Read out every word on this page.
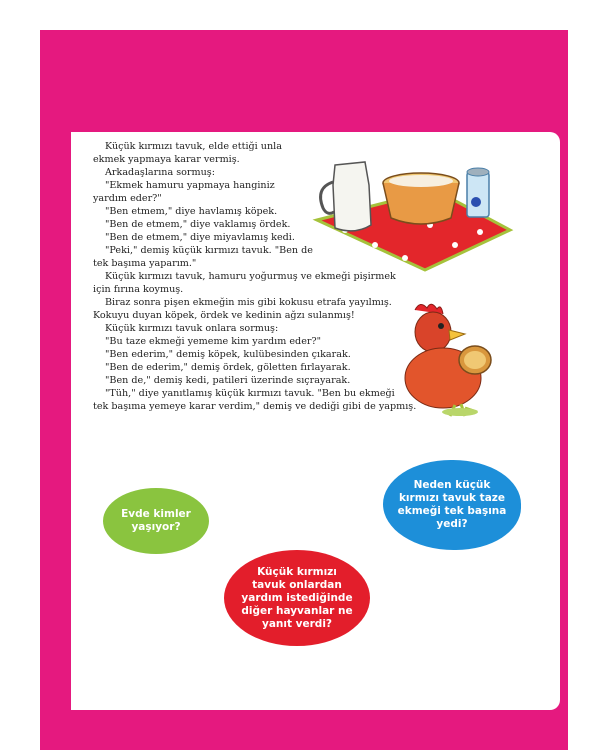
Küçük kırmızı tavuk, elde ettiği unla

ekmek yapmaya karar vermiş.

Arkadaşlarına sormuş:

"Ekmek hamuru yapmaya hanginiz

yardım eder?"

"Ben etmem," diye havlamış köpek.

"Ben de etmem," diye vaklamış ördek.

"Ben de etmem," diye miyavlamış kedi.

"Peki," demiş küçük kırmızı tavuk. "Ben de

tek başıma yaparım."

Küçük kırmızı tavuk, hamuru yoğurmuş ve ekmeği pişirmek

için fırına koymuş.

Biraz sonra pişen ekmeğin mis gibi kokusu etrafa yayılmış.

Kokuyu duyan köpek, ördek ve kedinin ağzı sulanmış!

Küçük kırmızı tavuk onlara sormuş:

"Bu taze ekmeği yememe kim yardım eder?"

"Ben ederim," demiş köpek, kulübesinden çıkarak.

"Ben de ederim," demiş ördek, göletten fırlayarak.

"Ben de," demiş kedi, patileri üzerinde sıçrayarak.

"Tüh," diye yanıtlamış küçük kırmızı tavuk. "Ben bu ekmeği

tek başıma yemeye karar verdim," demiş ve dediği gibi de yapmış.

OKUMA
Evde kimler yaşıyor?
Neden küçük kırmızı tavuk taze ekmeği tek başına yedi?
Küçük kırmızı tavuk onlardan yardım istediğinde diğer hayvanlar ne yanıt verdi?
